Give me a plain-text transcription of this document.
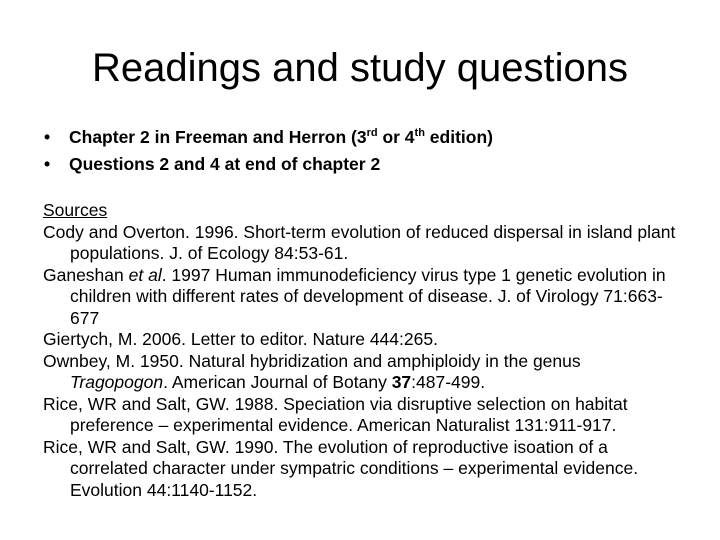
Readings and study questions
• Chapter 2 in Freeman and Herron (3rd or 4th edition)
• Questions 2 and 4 at end of chapter 2

Sources

Cody and Overton. 1996. Short-term evolution of reduced dispersal in island plant populations. J. of Ecology 84:53-61.

Ganeshan et al. 1997 Human immunodeficiency virus type 1 genetic evolution in children with different rates of development of disease. J. of Virology 71:663-677

Giertych, M. 2006. Letter to editor. Nature 444:265.

Ownbey, M. 1950. Natural hybridization and amphiploidy in the genus Tragopogon. American Journal of Botany 37:487-499.

Rice, WR and Salt, GW. 1988. Speciation via disruptive selection on habitat preference – experimental evidence. American Naturalist 131:911-917.

Rice, WR and Salt, GW. 1990. The evolution of reproductive isoation of a correlated character under sympatric conditions – experimental evidence. Evolution 44:1140-1152.
